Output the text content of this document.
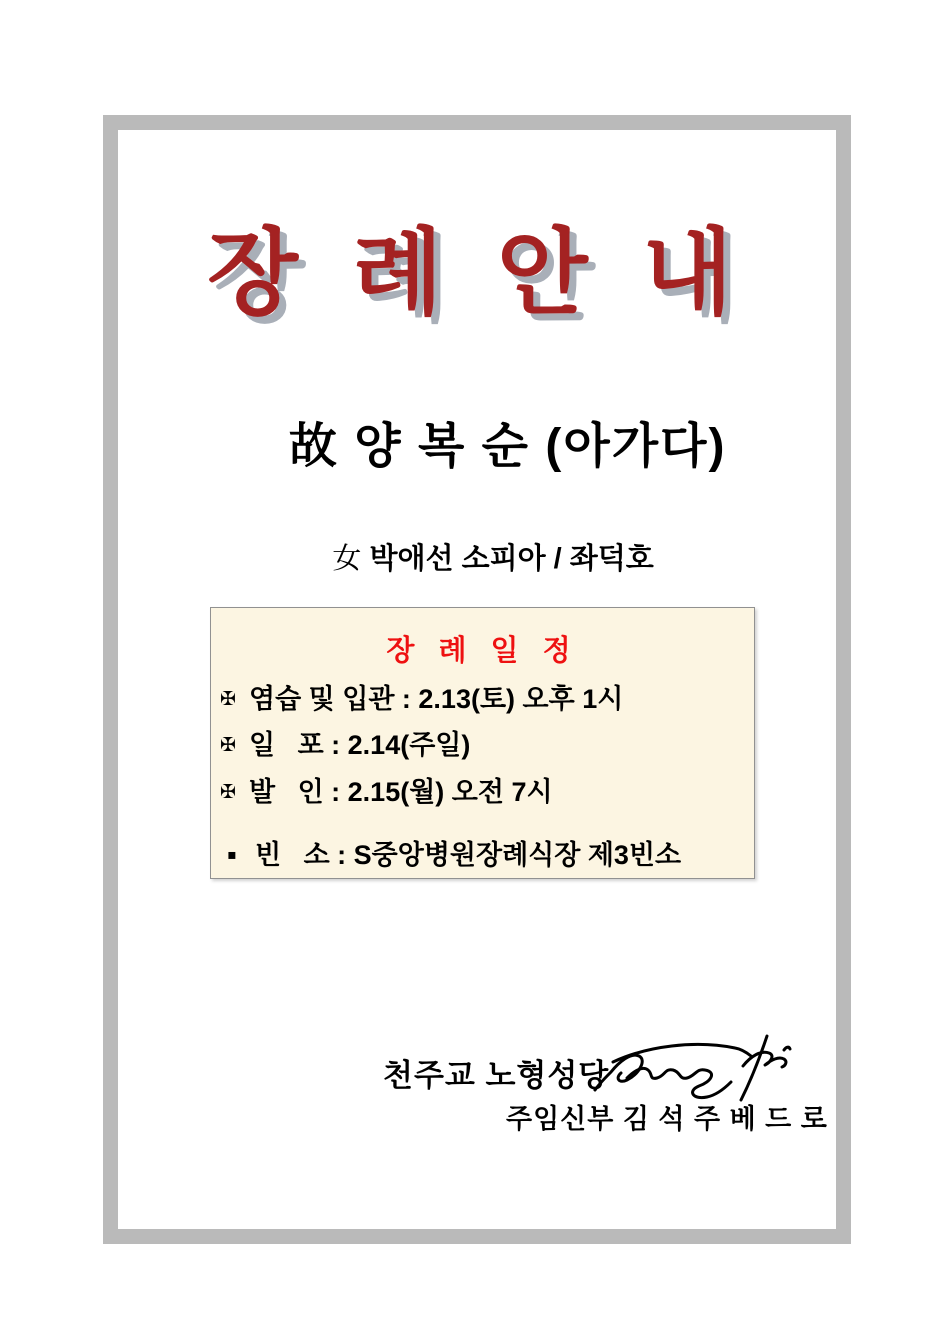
장 례 안 내

故 양 복 순 (아가다)

女 박애선 소피아 / 좌덕호

장 례 일 정
✠ 염습 및 입관 : 2.13(토) 오후 1시
✠ 일   포 : 2.14(주일)
✠ 발   인 : 2.15(월) 오전 7시
▪ 빈   소 : S중앙병원장례식장 제3빈소
천주교 노형성당
주임신부 김 석 주 베 드 로
